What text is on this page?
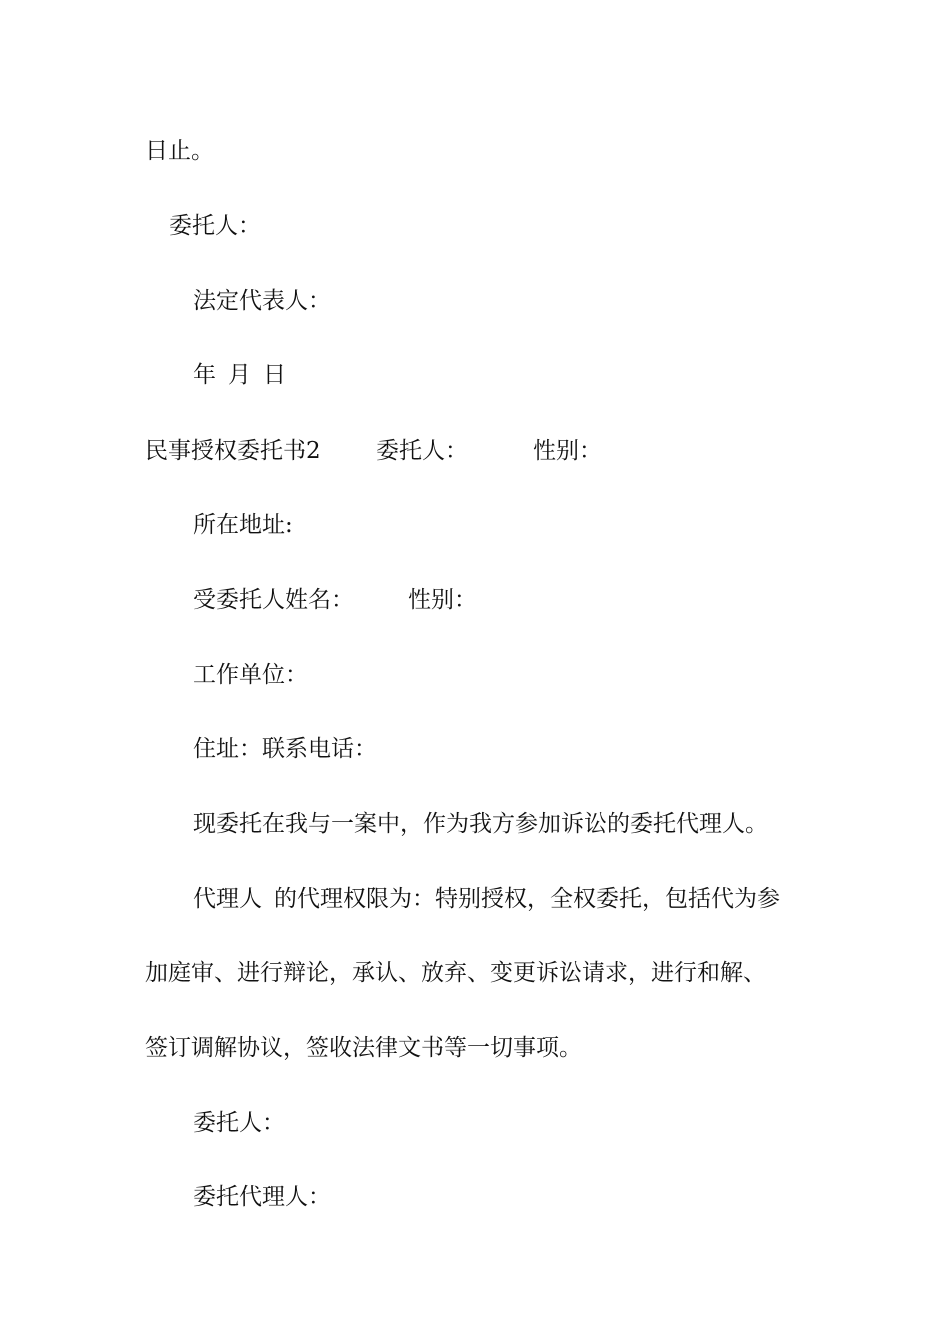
日止。
委托人：
法定代表人：
年 月 日
民事授权委托书2 委托人：	性别：
所在地址:
受委托人姓名： 性别：
工作单位：
住址：联系电话：
现委托在我与一案中，作为我方参加诉讼的委托代理人。
代理人 的代理权限为：特别授权，全权委托，包括代为参
加庭审、进行辩论，承认、放弃、变更诉讼请求，进行和解、
签订调解协议，签收法律文书等一切事项。
委托人：
委托代理人：
